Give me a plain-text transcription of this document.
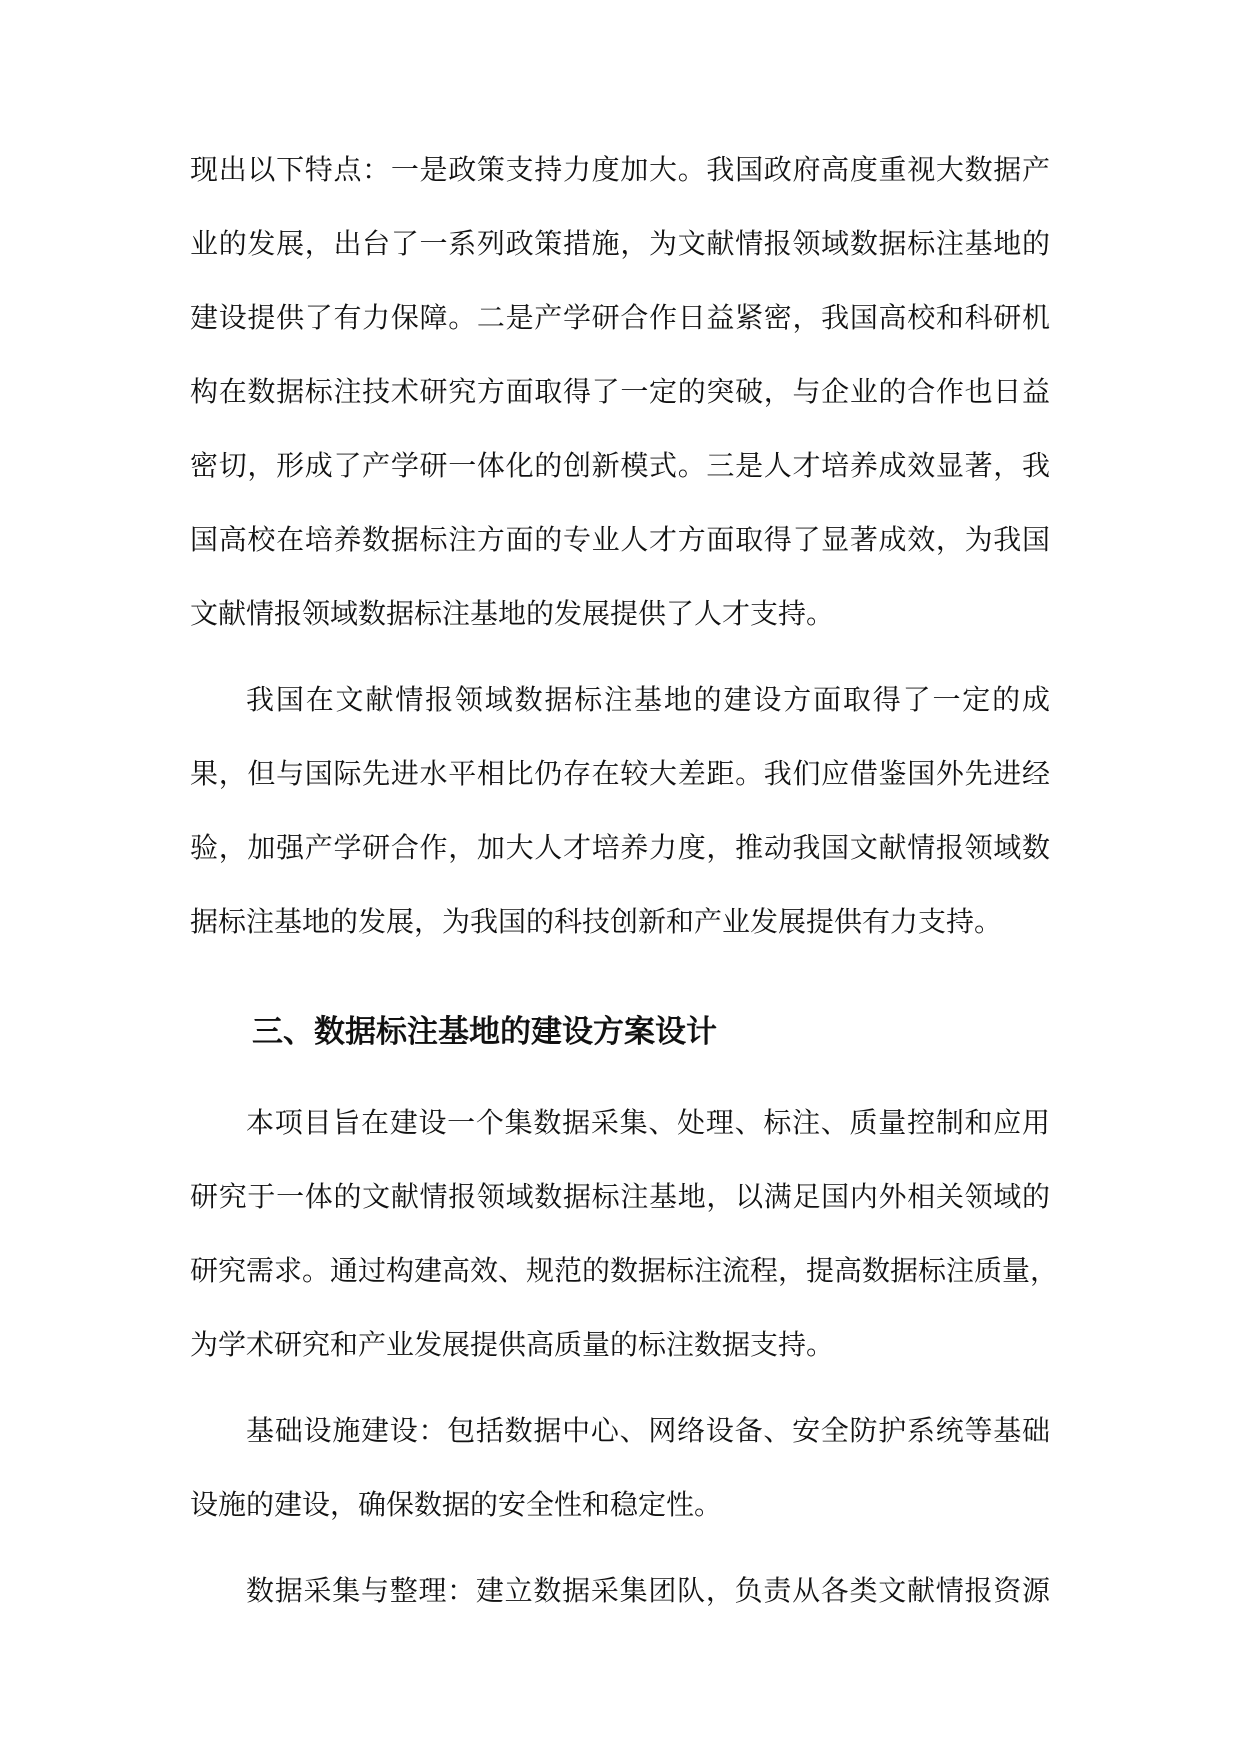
现出以下特点：一是政策支持力度加大。我国政府高度重视大数据产
业的发展，出台了一系列政策措施，为文献情报领域数据标注基地的
建设提供了有力保障。二是产学研合作日益紧密，我国高校和科研机
构在数据标注技术研究方面取得了一定的突破，与企业的合作也日益
密切，形成了产学研一体化的创新模式。三是人才培养成效显著，我
国高校在培养数据标注方面的专业人才方面取得了显著成效，为我国
文献情报领域数据标注基地的发展提供了人才支持。
我国在文献情报领域数据标注基地的建设方面取得了一定的成
果，但与国际先进水平相比仍存在较大差距。我们应借鉴国外先进经
验，加强产学研合作，加大人才培养力度，推动我国文献情报领域数
据标注基地的发展，为我国的科技创新和产业发展提供有力支持。
三、数据标注基地的建设方案设计
本项目旨在建设一个集数据采集、处理、标注、质量控制和应用
研究于一体的文献情报领域数据标注基地，以满足国内外相关领域的
研究需求。通过构建高效、规范的数据标注流程，提高数据标注质量，
为学术研究和产业发展提供高质量的标注数据支持。
基础设施建设：包括数据中心、网络设备、安全防护系统等基础
设施的建设，确保数据的安全性和稳定性。
数据采集与整理：建立数据采集团队，负责从各类文献情报资源
